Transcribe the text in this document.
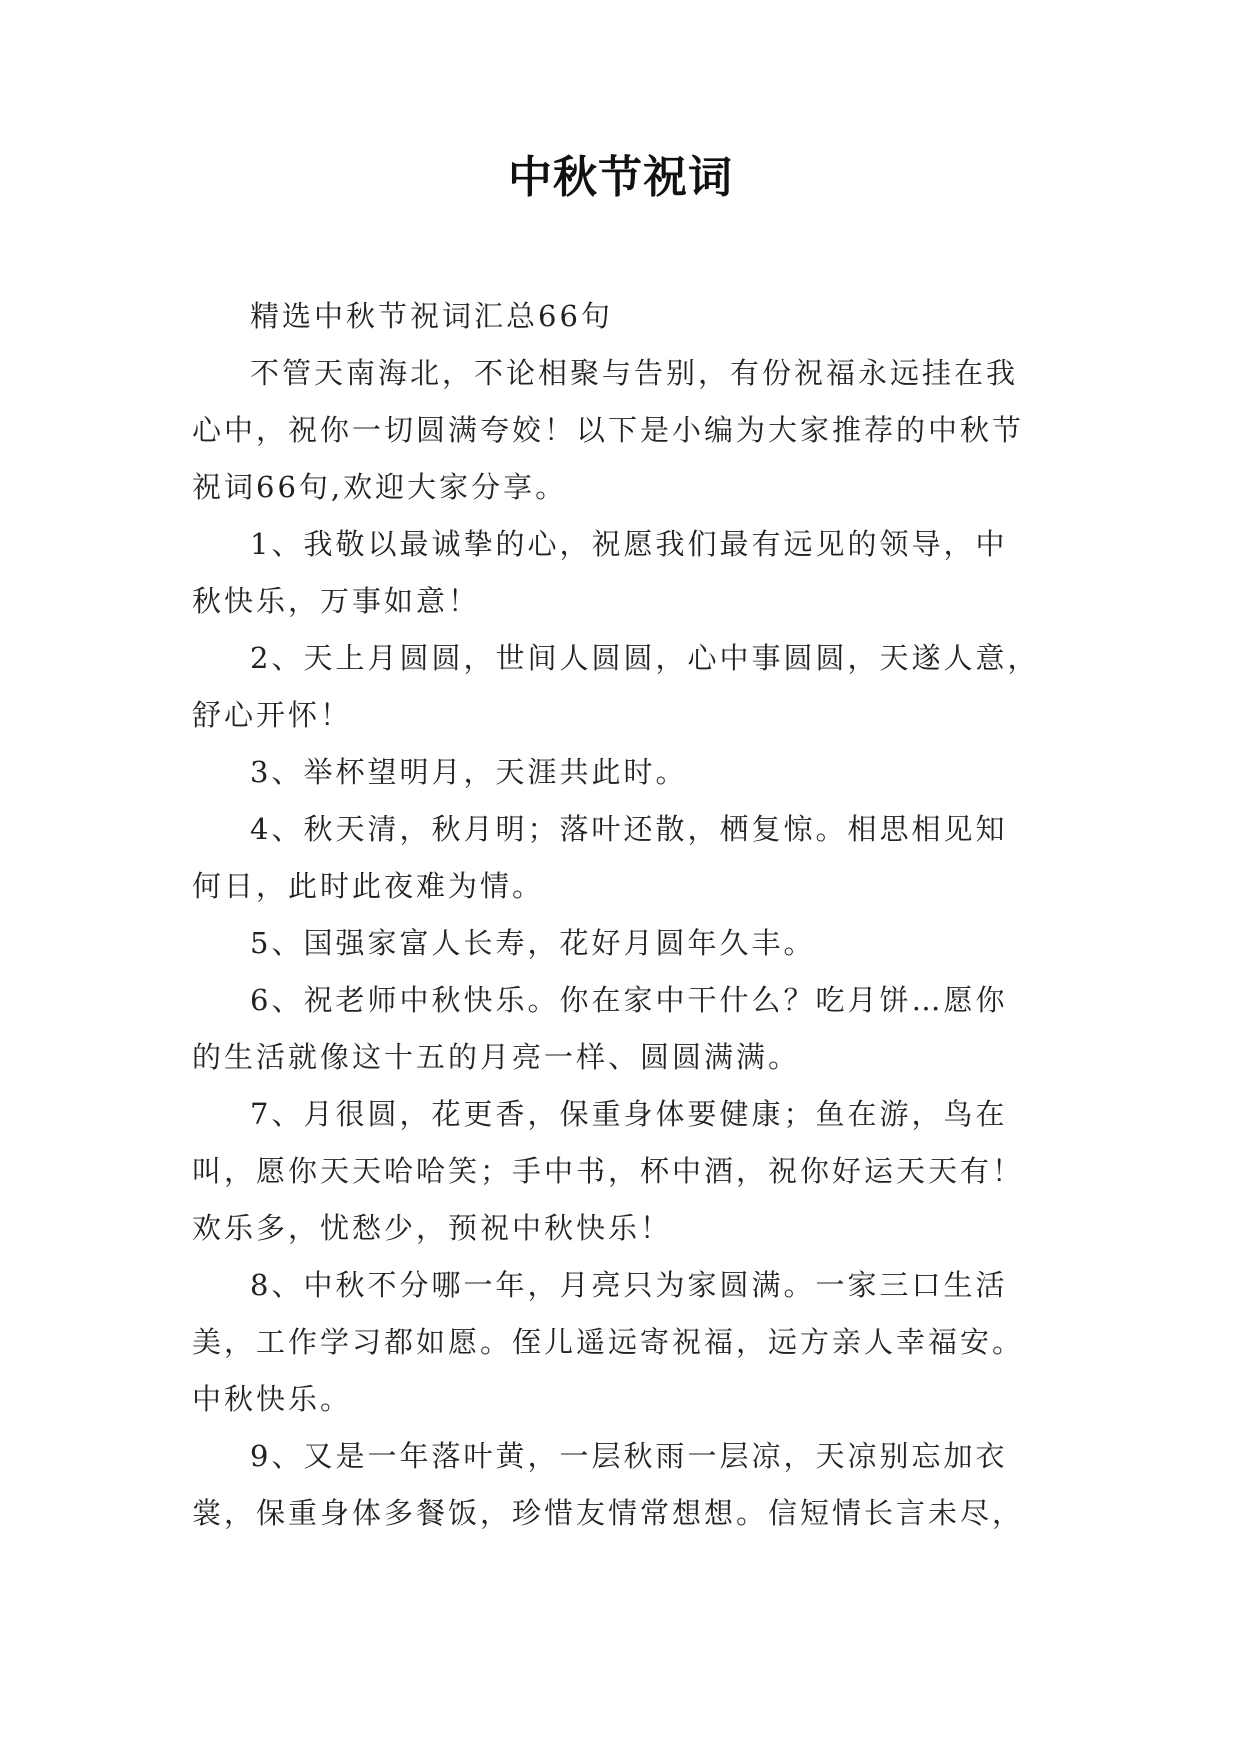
中秋节祝词

精选中秋节祝词汇总66句

不管天南海北，不论相聚与告别，有份祝福永远挂在我
心中，祝你一切圆满夸姣！以下是小编为大家推荐的中秋节
祝词66句,欢迎大家分享。

1、我敬以最诚挚的心，祝愿我们最有远见的领导，中
秋快乐，万事如意！

2、天上月圆圆，世间人圆圆，心中事圆圆，天遂人意，
舒心开怀！

3、举杯望明月，天涯共此时。

4、秋天清，秋月明；落叶还散，栖复惊。相思相见知
何日，此时此夜难为情。

5、国强家富人长寿，花好月圆年久丰。

6、祝老师中秋快乐。你在家中干什么？吃月饼…愿你
的生活就像这十五的月亮一样、圆圆满满。

7、月很圆，花更香，保重身体要健康；鱼在游，鸟在
叫，愿你天天哈哈笑；手中书，杯中酒，祝你好运天天有！
欢乐多，忧愁少，预祝中秋快乐！

8、中秋不分哪一年，月亮只为家圆满。一家三口生活
美，工作学习都如愿。侄儿遥远寄祝福，远方亲人幸福安。
中秋快乐。

9、又是一年落叶黄，一层秋雨一层凉，天凉别忘加衣
裳，保重身体多餐饭，珍惜友情常想想。信短情长言未尽，
